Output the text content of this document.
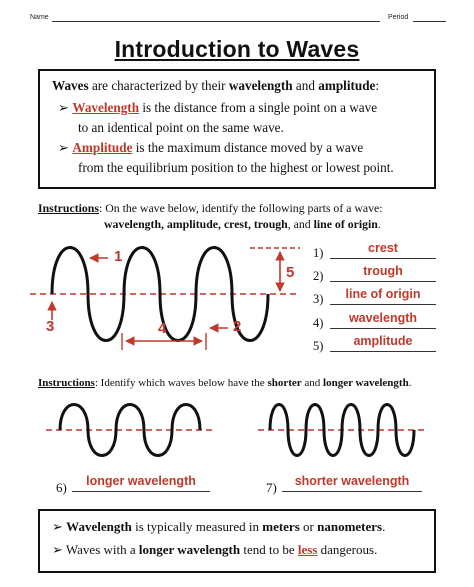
Name	Period
Introduction to Waves
Waves are characterized by their wavelength and amplitude:
➢ Wavelength is the distance from a single point on a wave
to an identical point on the same wave.
➢ Amplitude is the maximum distance moved by a wave
from the equilibrium position to the highest or lowest point.
Instructions: On the wave below, identify the following parts of a wave:
wavelength, amplitude, crest, trough, and line of origin.
1
2
3	4
5
1)	crest
2)	trough
3)	line of origin
4)	wavelength
5)	amplitude
Instructions: Identify which waves below have the shorter and longer wavelength.
6)	longer wavelength	7)	shorter wavelength
➢ Wavelength is typically measured in meters or nanometers.
➢ Waves with a longer wavelength tend to be less dangerous.
